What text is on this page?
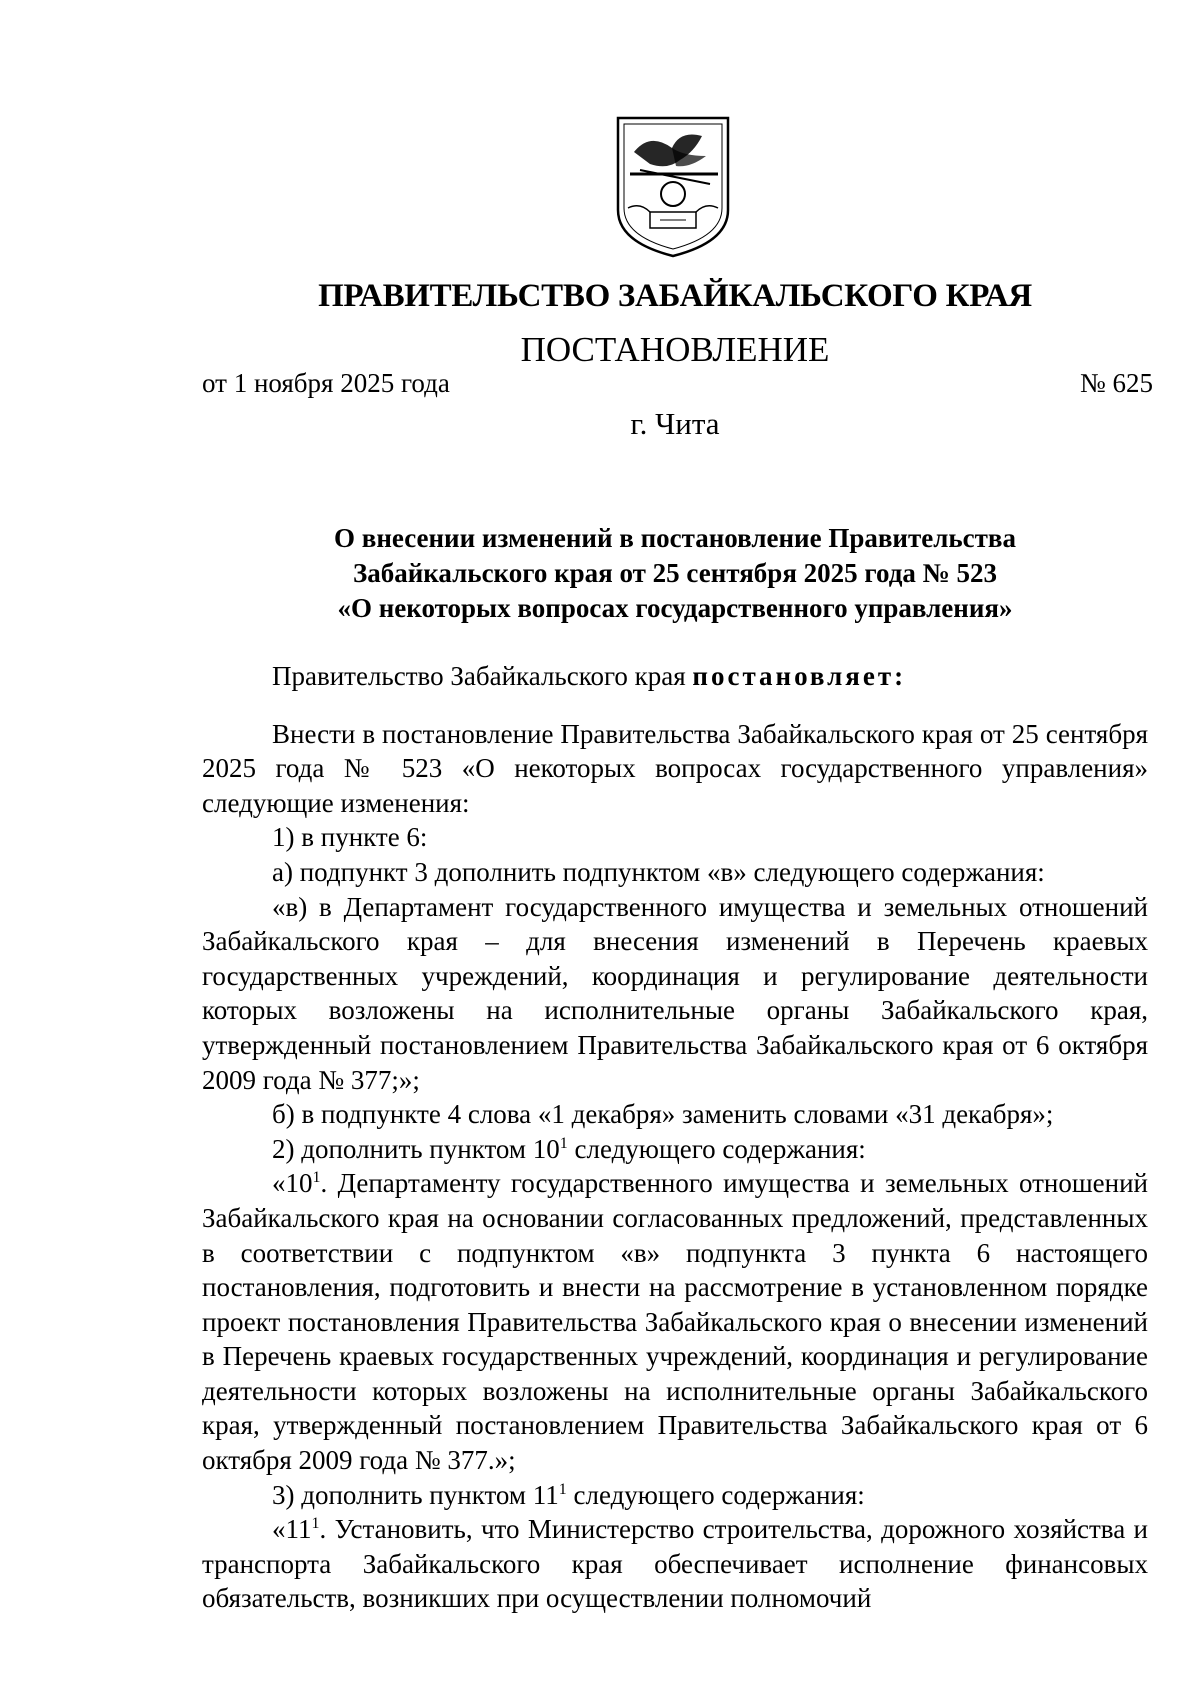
ПРАВИТЕЛЬСТВО ЗАБАЙКАЛЬСКОГО КРАЯ
ПОСТАНОВЛЕНИЕ
от 1 ноября 2025 года	№ 625
г. Чита
О внесении изменений в постановление Правительства
Забайкальского края от 25 сентября 2025 года № 523
«О некоторых вопросах государственного управления»

Правительство Забайкальского края постановляет:

Внести в постановление Правительства Забайкальского края от 25 сентября 2025 года № 523 «О некоторых вопросах государственного управления» следующие изменения:

1) в пункте 6:

а) подпункт 3 дополнить подпунктом «в» следующего содержания:

«в) в Департамент государственного имущества и земельных отношений Забайкальского края – для внесения изменений в Перечень краевых государственных учреждений, координация и регулирование деятельности которых возложены на исполнительные органы Забайкальского края, утвержденный постановлением Правительства Забайкальского края от 6 октября 2009 года № 377;»;

б) в подпункте 4 слова «1 декабря» заменить словами «31 декабря»;

2) дополнить пунктом $10^1$ следующего содержания:

«$10^1$. Департаменту государственного имущества и земельных отношений Забайкальского края на основании согласованных предложений, представленных в соответствии с подпунктом «в» подпункта 3 пункта 6 настоящего постановления, подготовить и внести на рассмотрение в установленном порядке проект постановления Правительства Забайкальского края о внесении изменений в Перечень краевых государственных учреждений, координация и регулирование деятельности которых возложены на исполнительные органы Забайкальского края, утвержденный постановлением Правительства Забайкальского края от 6 октября 2009 года № 377.»;

3) дополнить пунктом $11^1$ следующего содержания:

«$11^1$. Установить, что Министерство строительства, дорожного хозяйства и транспорта Забайкальского края обеспечивает исполнение финансовых обязательств, возникших при осуществлении полномочий
